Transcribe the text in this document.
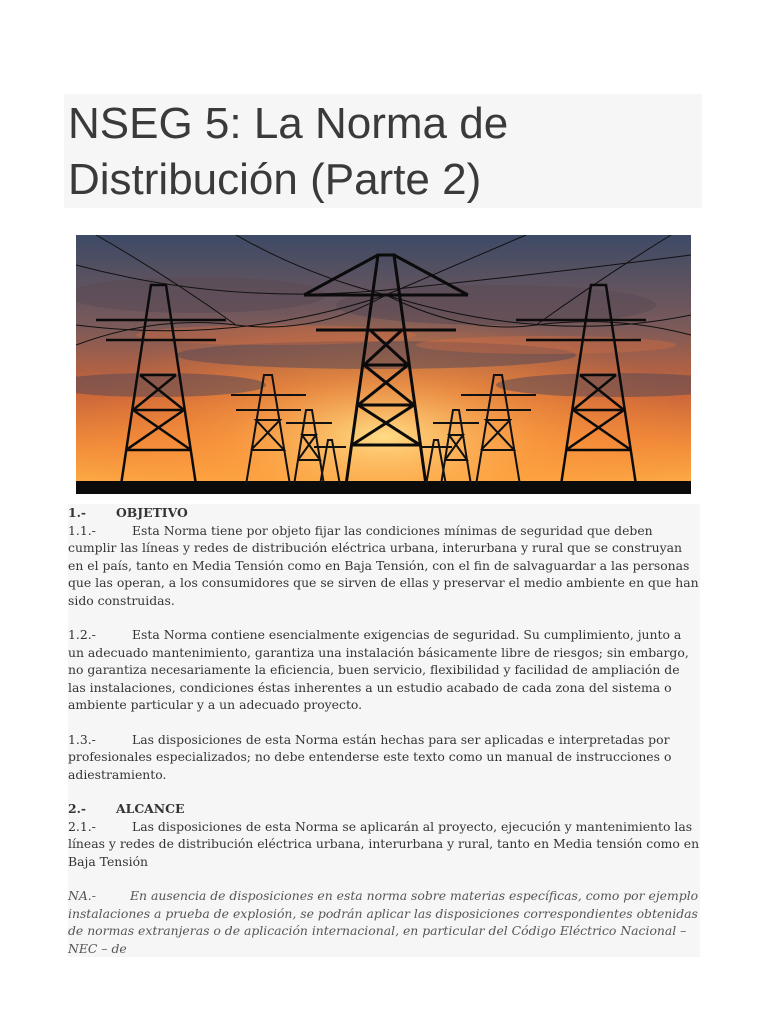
NSEG 5: La Norma de
Distribución (Parte 2)

1.- OBJETIVO

1.1.-	Esta Norma tiene por objeto fijar las condiciones mínimas de seguridad que deben cumplir las líneas y redes de distribución eléctrica urbana, interurbana y rural que se construyan en el país, tanto en Media Tensión como en Baja Tensión, con el fin de salvaguardar a las personas que las operan, a los consumidores que se sirven de ellas y preservar el medio ambiente en que han sido construidas.

1.2.-	Esta Norma contiene esencialmente exigencias de seguridad. Su cumplimiento, junto a un adecuado mantenimiento, garantiza una instalación básicamente libre de riesgos; sin embargo, no garantiza necesariamente la eficiencia, buen servicio, flexibilidad y facilidad de ampliación de las instalaciones, condiciones éstas inherentes a un estudio acabado de cada zona del sistema o ambiente particular y a un adecuado proyecto.

1.3.-	Las disposiciones de esta Norma están hechas para ser aplicadas e interpretadas por profesionales especializados; no debe entenderse este texto como un manual de instrucciones o adiestramiento.

2.- ALCANCE

2.1.-	Las disposiciones de esta Norma se aplicarán al proyecto, ejecución y mantenimiento las líneas y redes de distribución eléctrica urbana, interurbana y rural, tanto en Media tensión como en Baja Tensión

NA.-	En ausencia de disposiciones en esta norma sobre materias específicas, como por ejemplo instalaciones a prueba de explosión, se podrán aplicar las disposiciones correspondientes obtenidas de normas extranjeras o de aplicación internacional, en particular del Código Eléctrico Nacional – NEC – de
